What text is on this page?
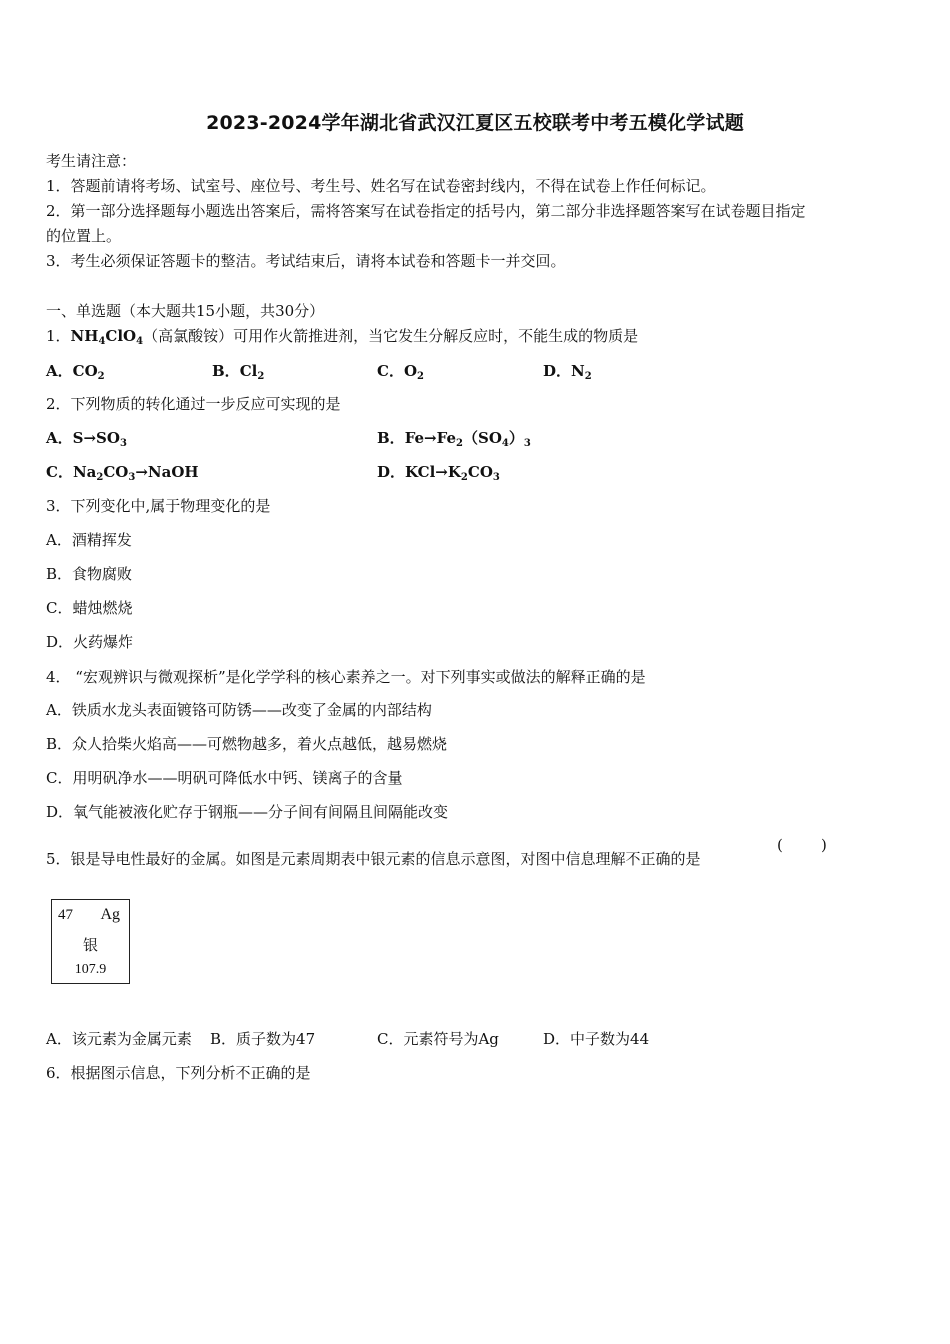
2023-2024学年湖北省武汉江夏区五校联考中考五模化学试题
考生请注意：
1．答题前请将考场、试室号、座位号、考生号、姓名写在试卷密封线内，不得在试卷上作任何标记。
2．第一部分选择题每小题选出答案后，需将答案写在试卷指定的括号内，第二部分非选择题答案写在试卷题目指定
的位置上。
3．考生必须保证答题卡的整洁。考试结束后，请将本试卷和答题卡一并交回。
一、单选题（本大题共15小题，共30分）
1．$NH_4ClO_4$（高氯酸铵）可用作火箭推进剂，当它发生分解反应时，不能生成的物质是
A．$CO_2$	B．$Cl_2$	C．$O_2$	D．$N_2$
2．下列物质的转化通过一步反应可实现的是
A．$S\to SO_3$	B．$Fe\to Fe_2(SO_4)_3$
C．$Na_2CO_3\to NaOH$	D．$KCl\to K_2CO_3$
3．下列变化中,属于物理变化的是
A．酒精挥发
B．食物腐败
C．蜡烛燃烧
D．火药爆炸
4． “宏观辨识与微观探析”是化学学科的核心素养之一。对下列事实或做法的解释正确的是
A．铁质水龙头表面镀铬可防锈——改变了金属的内部结构
B．众人拾柴火焰高——可燃物越多，着火点越低，越易燃烧
C．用明矾净水——明矾可降低水中钙、镁离子的含量
D．氧气能被液化贮存于钢瓶——分子间有间隔且间隔能改变
5．银是导电性最好的金属。如图是元素周期表中银元素的信息示意图，对图中信息理解不正确的是
(        )
47 Ag
银
107.9
A．该元素为金属元素 B．质子数为47	C．元素符号为Ag	D．中子数为44
6．根据图示信息，下列分析不正确的是
